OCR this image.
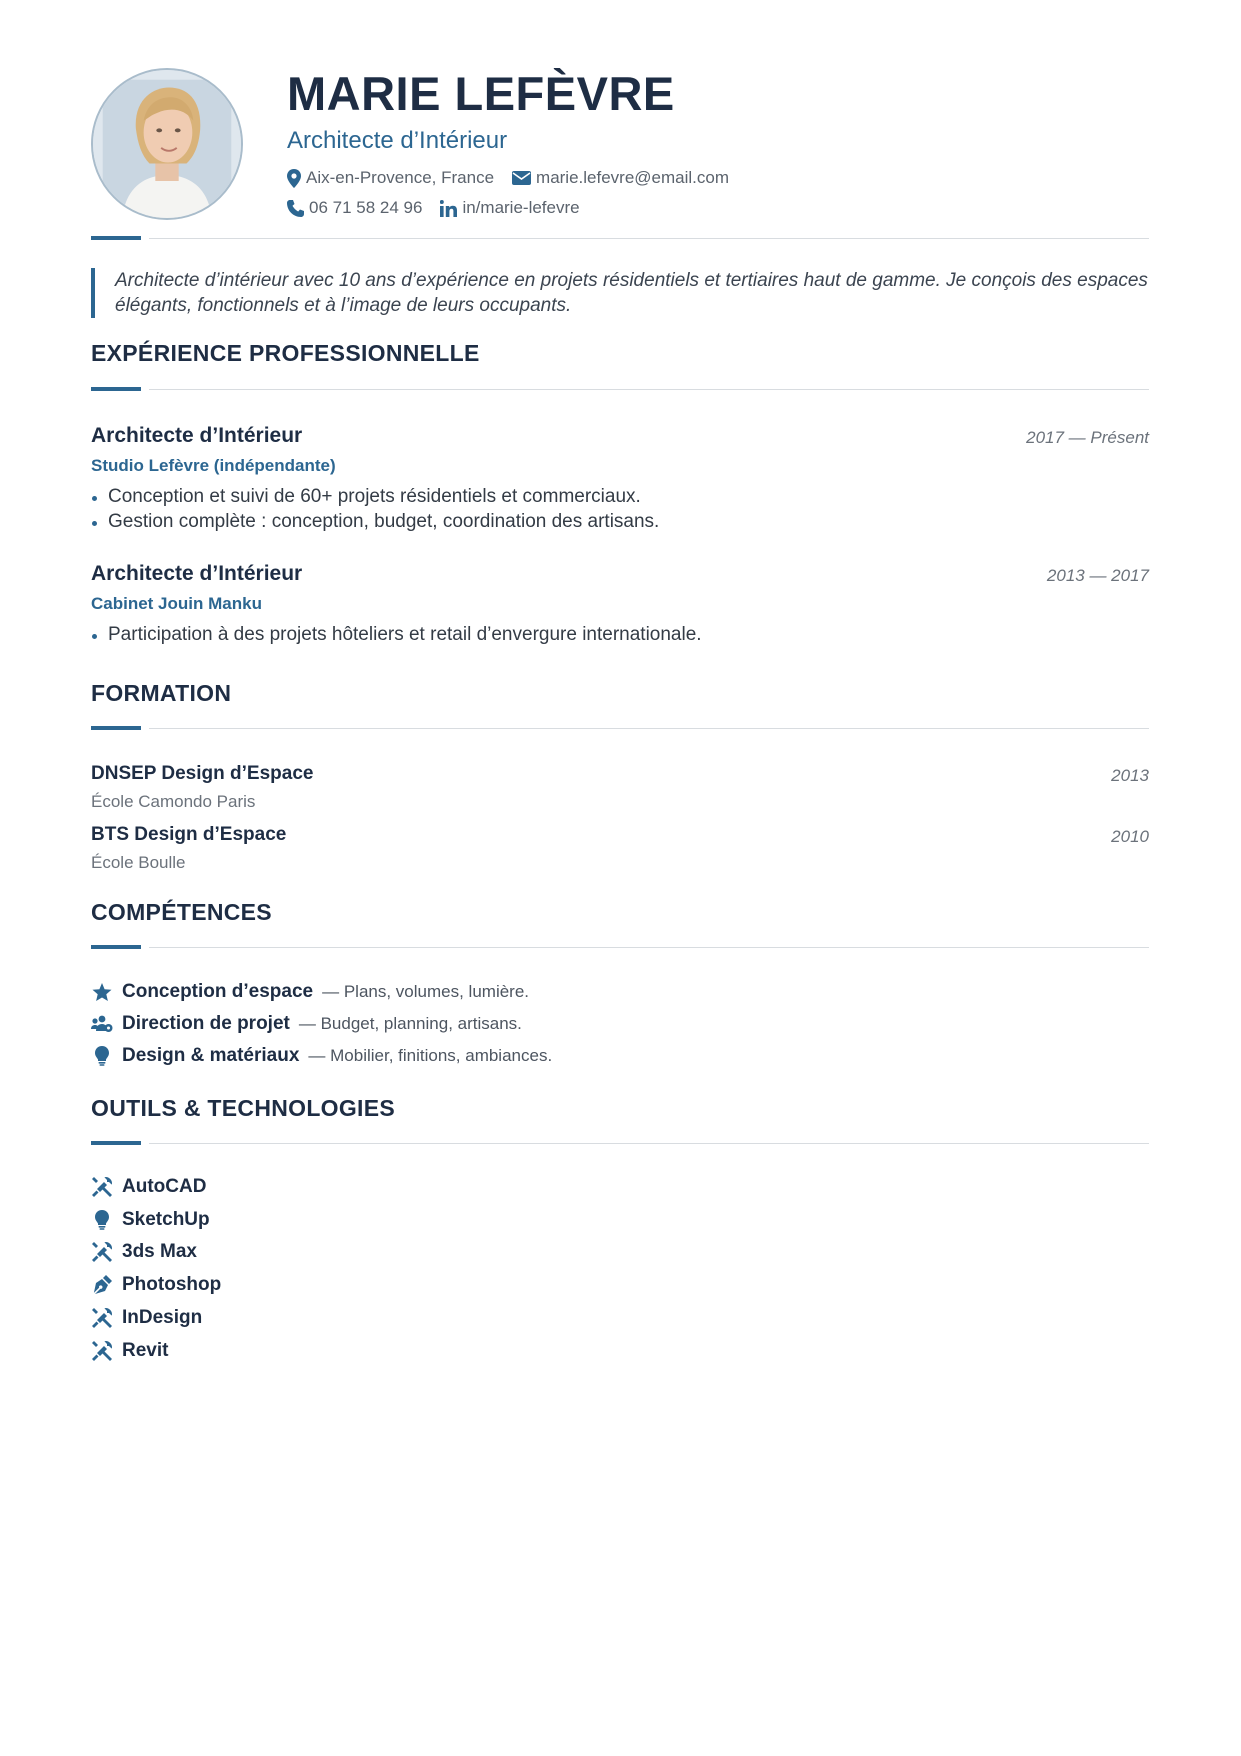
MARIE LEFÈVRE
Architecte d’Intérieur
Aix-en-Provence, France marie.lefevre@email.com
06 71 58 24 96 in/marie-lefevre
Architecte d’intérieur avec 10 ans d’expérience en projets résidentiels et tertiaires haut de gamme. Je conçois des espaces élégants, fonctionnels et à l’image de leurs occupants.
EXPÉRIENCE PROFESSIONNELLE
Architecte d’Intérieur	2017 — Présent
Studio Lefèvre (indépendante)
Conception et suivi de 60+ projets résidentiels et commerciaux.
Gestion complète : conception, budget, coordination des artisans.
Architecte d’Intérieur	2013 — 2017
Cabinet Jouin Manku
Participation à des projets hôteliers et retail d’envergure internationale.
FORMATION
DNSEP Design d’Espace	2013
École Camondo Paris
BTS Design d’Espace	2010
École Boulle
COMPÉTENCES
Conception d’espace — Plans, volumes, lumière.
Direction de projet — Budget, planning, artisans.
Design & matériaux — Mobilier, finitions, ambiances.
OUTILS & TECHNOLOGIES
AutoCAD
SketchUp
3ds Max
Photoshop
InDesign
Revit
